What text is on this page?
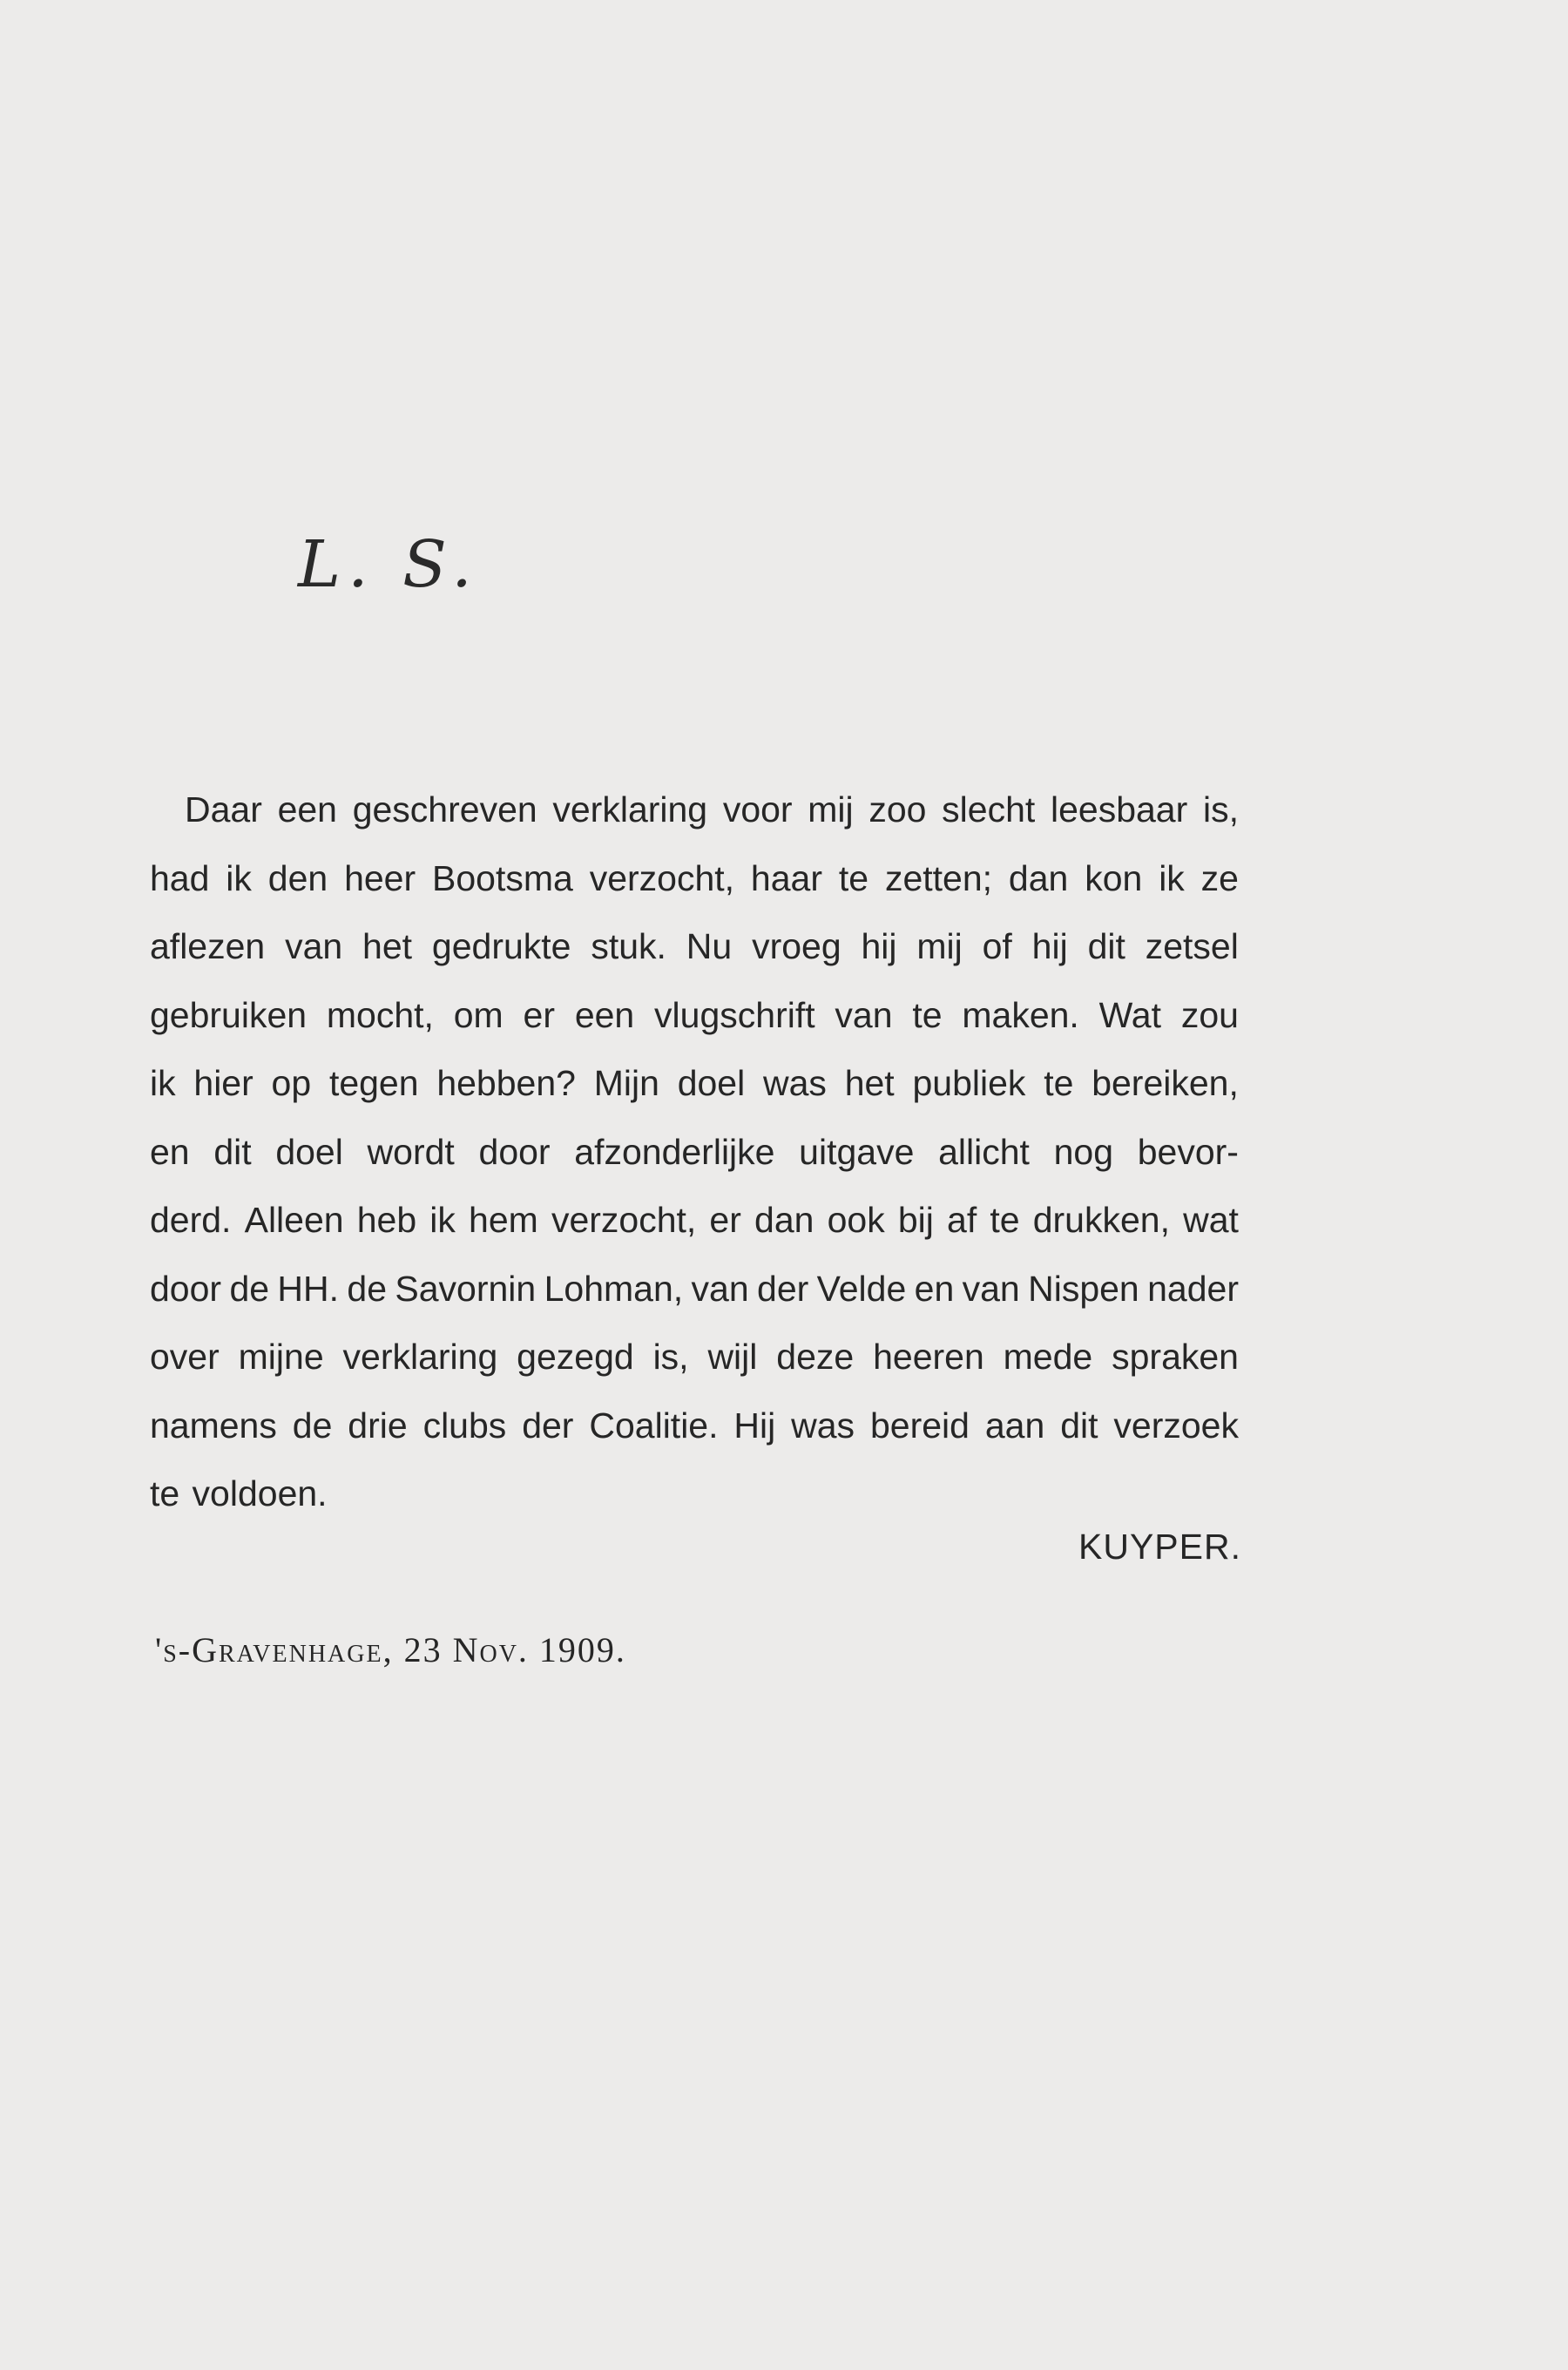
L. S.
Daar een geschreven verklaring voor mij zoo slecht leesbaar is,
had ik den heer Bootsma verzocht, haar te zetten; dan kon ik ze
aflezen van het gedrukte stuk. Nu vroeg hij mij of hij dit zetsel
gebruiken mocht, om er een vlugschrift van te maken. Wat zou
ik hier op tegen hebben? Mijn doel was het publiek te bereiken,
en dit doel wordt door afzonderlijke uitgave allicht nog bevor-
derd. Alleen heb ik hem verzocht, er dan ook bij af te drukken, wat
door de HH. de Savornin Lohman, van der Velde en van Nispen nader
over mijne verklaring gezegd is, wijl deze heeren mede spraken
namens de drie clubs der Coalitie. Hij was bereid aan dit verzoek
te voldoen.
KUYPER.
's-Gravenhage, 23 Nov. 1909.
